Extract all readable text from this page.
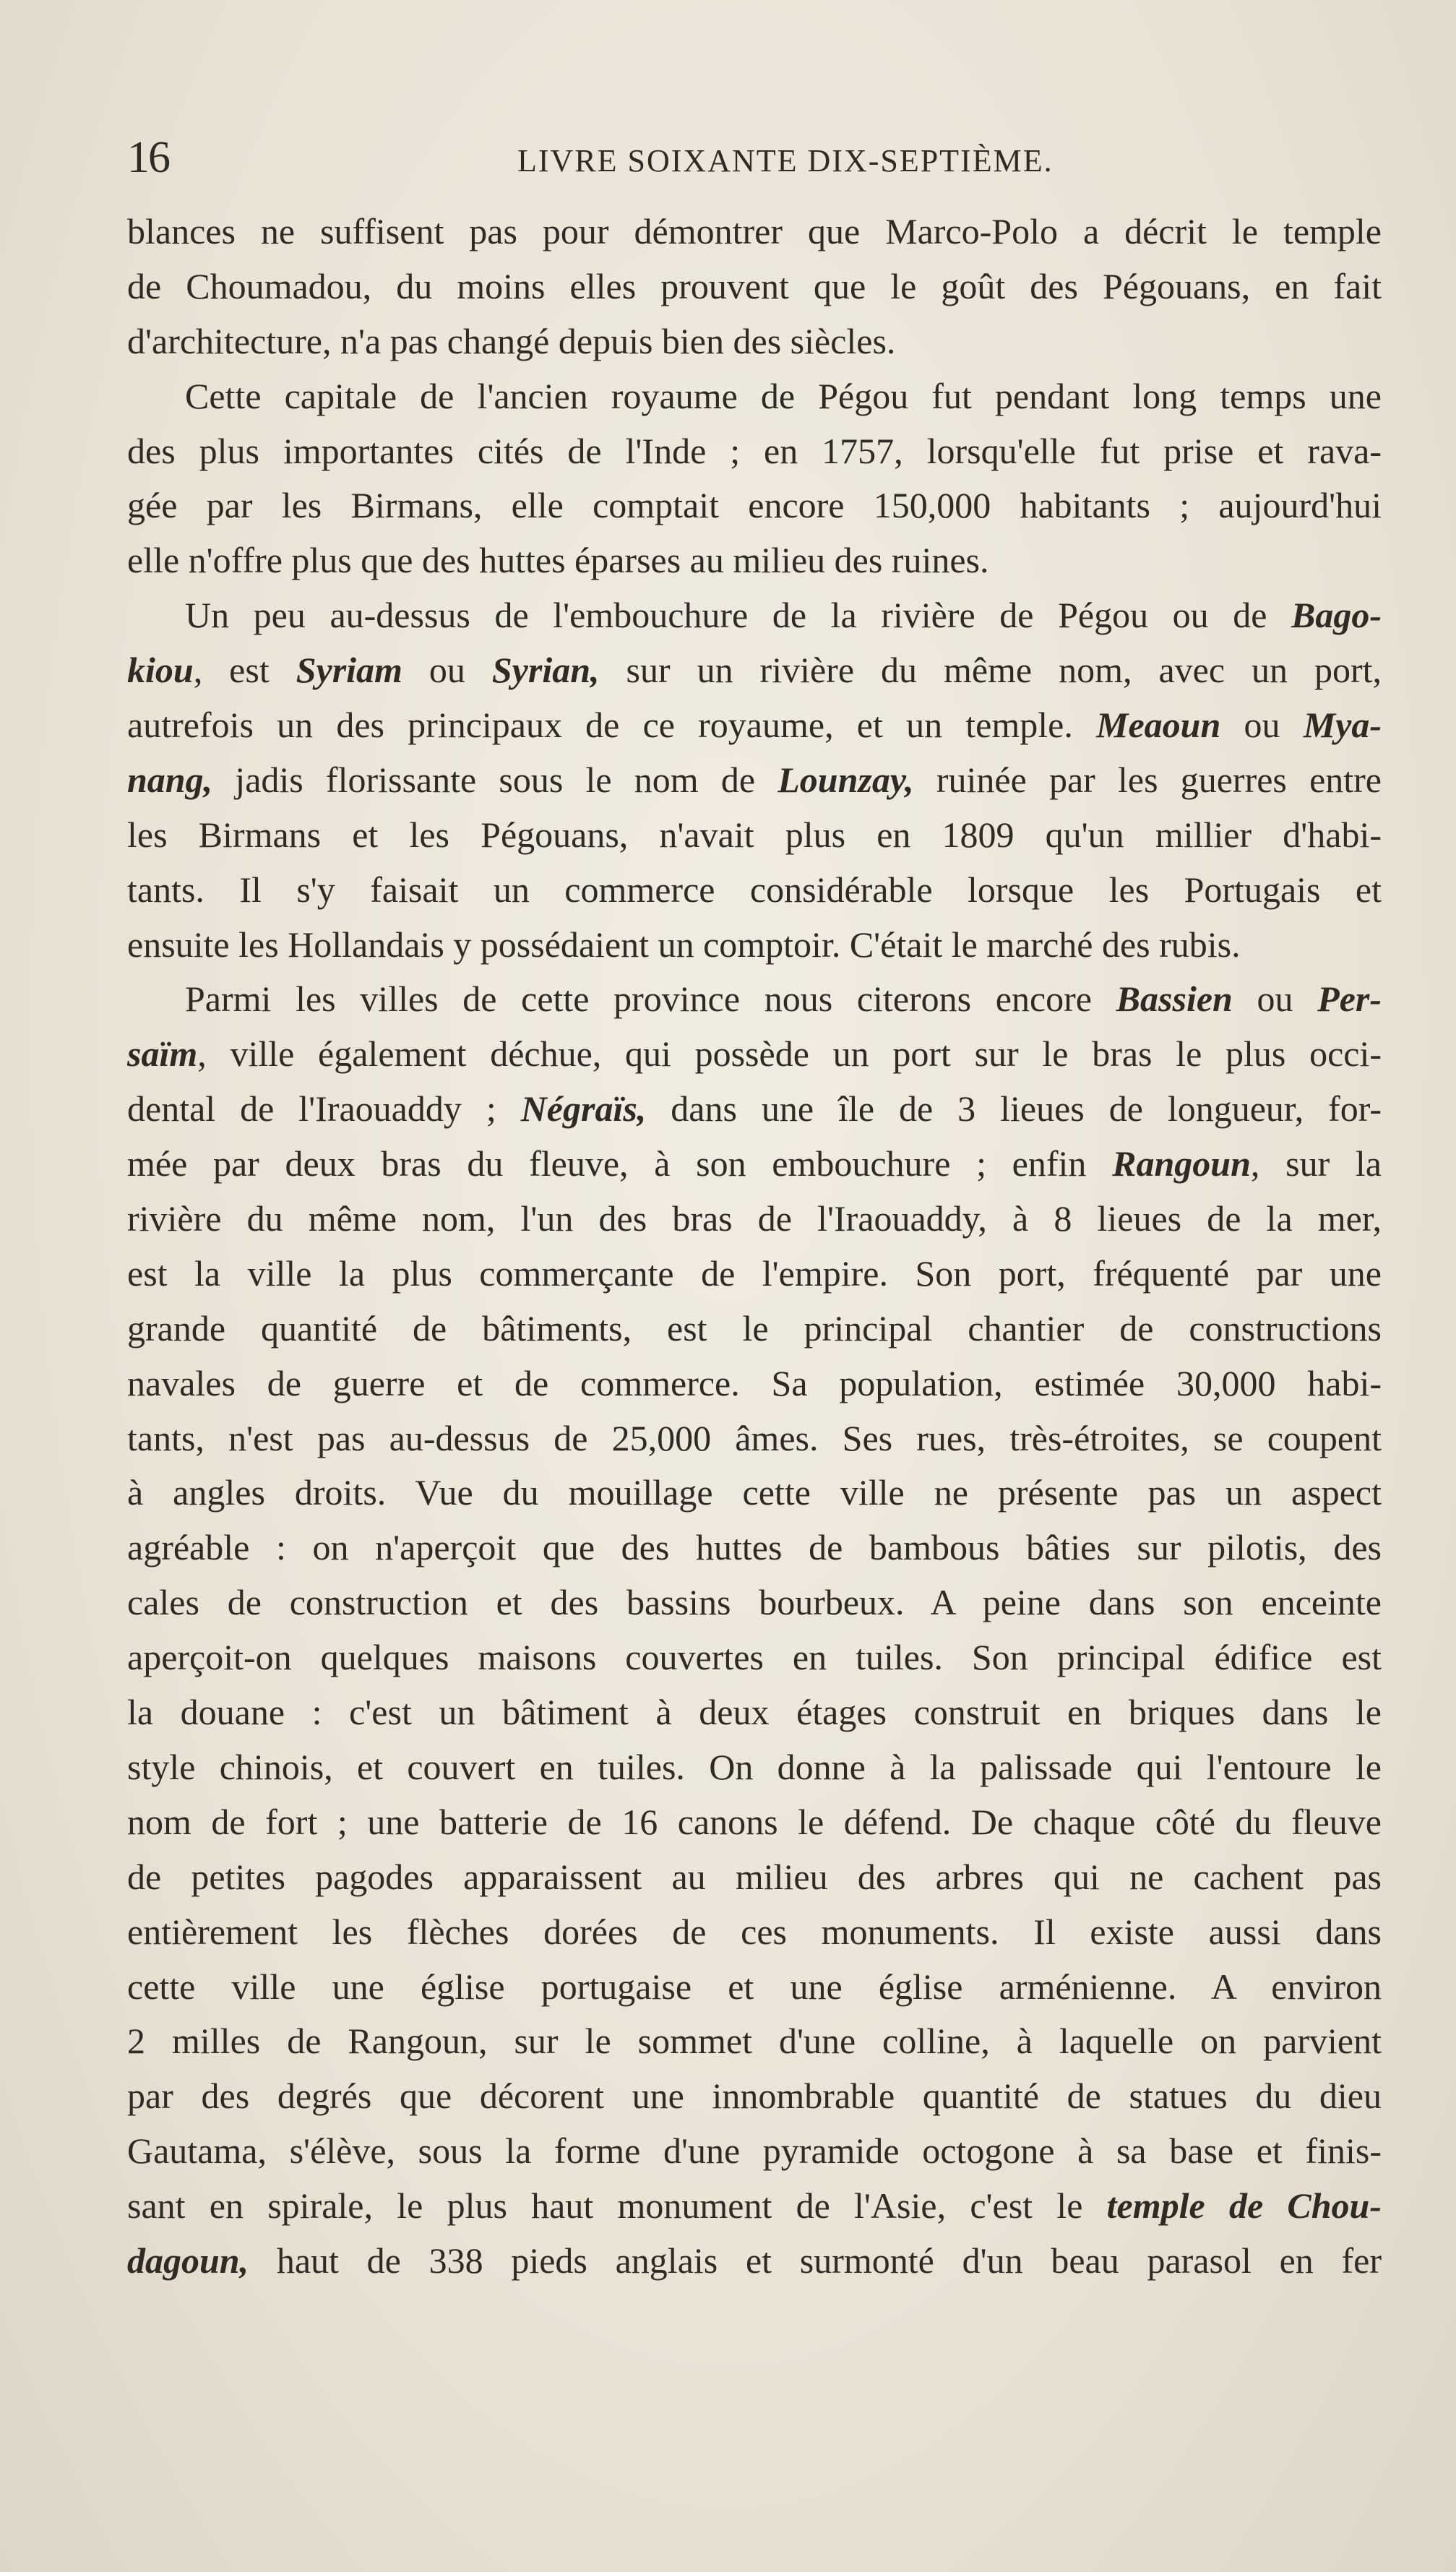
16	LIVRE SOIXANTE DIX-SEPTIÈME.
blances ne suffisent pas pour démontrer que Marco-Polo a décrit le temple
de Choumadou, du moins elles prouvent que le goût des Pégouans, en fait
d'architecture, n'a pas changé depuis bien des siècles.
Cette capitale de l'ancien royaume de Pégou fut pendant long temps une
des plus importantes cités de l'Inde ; en 1757, lorsqu'elle fut prise et rava-
gée par les Birmans, elle comptait encore 150,000 habitants ; aujourd'hui
elle n'offre plus que des huttes éparses au milieu des ruines.
Un peu au-dessus de l'embouchure de la rivière de Pégou ou de Bago-
kiou, est Syriam ou Syrian, sur un rivière du même nom, avec un port,
autrefois un des principaux de ce royaume, et un temple. Meaoun ou Mya-
nang, jadis florissante sous le nom de Lounzay, ruinée par les guerres entre
les Birmans et les Pégouans, n'avait plus en 1809 qu'un millier d'habi-
tants. Il s'y faisait un commerce considérable lorsque les Portugais et
ensuite les Hollandais y possédaient un comptoir. C'était le marché des rubis.
Parmi les villes de cette province nous citerons encore Bassien ou Per-
saïm, ville également déchue, qui possède un port sur le bras le plus occi-
dental de l'Iraouaddy ; Négraïs, dans une île de 3 lieues de longueur, for-
mée par deux bras du fleuve, à son embouchure ; enfin Rangoun, sur la
rivière du même nom, l'un des bras de l'Iraouaddy, à 8 lieues de la mer,
est la ville la plus commerçante de l'empire. Son port, fréquenté par une
grande quantité de bâtiments, est le principal chantier de constructions
navales de guerre et de commerce. Sa population, estimée 30,000 habi-
tants, n'est pas au-dessus de 25,000 âmes. Ses rues, très-étroites, se coupent
à angles droits. Vue du mouillage cette ville ne présente pas un aspect
agréable : on n'aperçoit que des huttes de bambous bâties sur pilotis, des
cales de construction et des bassins bourbeux. A peine dans son enceinte
aperçoit-on quelques maisons couvertes en tuiles. Son principal édifice est
la douane : c'est un bâtiment à deux étages construit en briques dans le
style chinois, et couvert en tuiles. On donne à la palissade qui l'entoure le
nom de fort ; une batterie de 16 canons le défend. De chaque côté du fleuve
de petites pagodes apparaissent au milieu des arbres qui ne cachent pas
entièrement les flèches dorées de ces monuments. Il existe aussi dans
cette ville une église portugaise et une église arménienne. A environ
2 milles de Rangoun, sur le sommet d'une colline, à laquelle on parvient
par des degrés que décorent une innombrable quantité de statues du dieu
Gautama, s'élève, sous la forme d'une pyramide octogone à sa base et finis-
sant en spirale, le plus haut monument de l'Asie, c'est le temple de Chou-
dagoun, haut de 338 pieds anglais et surmonté d'un beau parasol en fer
